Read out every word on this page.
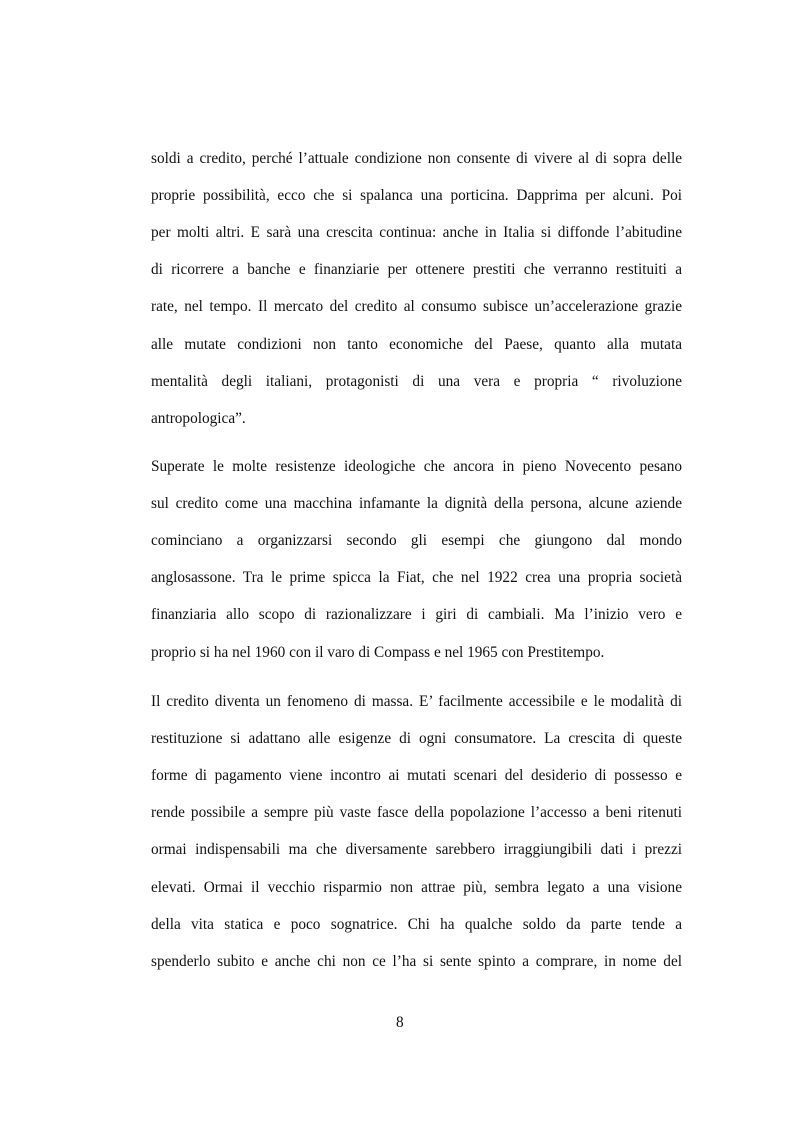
soldi a credito, perché l’attuale condizione non consente di vivere al di sopra delle
proprie possibilità, ecco che si spalanca una porticina. Dapprima per alcuni. Poi
per molti altri. E sarà una crescita continua: anche in Italia si diffonde l’abitudine
di ricorrere a banche e finanziarie per ottenere prestiti che verranno restituiti a
rate, nel tempo. Il mercato del credito al consumo subisce un’accelerazione grazie
alle mutate condizioni non tanto economiche del Paese, quanto alla mutata
mentalità degli italiani, protagonisti di una vera e propria “ rivoluzione
antropologica”.
Superate le molte resistenze ideologiche che ancora in pieno Novecento pesano
sul credito come una macchina infamante la dignità della persona, alcune aziende
cominciano a organizzarsi secondo gli esempi che giungono dal mondo
anglosassone. Tra le prime spicca la Fiat, che nel 1922 crea una propria società
finanziaria allo scopo di razionalizzare i giri di cambiali. Ma l’inizio vero e
proprio si ha nel 1960 con il varo di Compass e nel 1965 con Prestitempo.
Il credito diventa un fenomeno di massa. E’ facilmente accessibile e le modalità di
restituzione si adattano alle esigenze di ogni consumatore. La crescita di queste
forme di pagamento viene incontro ai mutati scenari del desiderio di possesso e
rende possibile a sempre più vaste fasce della popolazione l’accesso a beni ritenuti
ormai indispensabili ma che diversamente sarebbero irraggiungibili dati i prezzi
elevati. Ormai il vecchio risparmio non attrae più, sembra legato a una visione
della vita statica e poco sognatrice. Chi ha qualche soldo da parte tende a
spenderlo subito e anche chi non ce l’ha si sente spinto a comprare, in nome del
8
